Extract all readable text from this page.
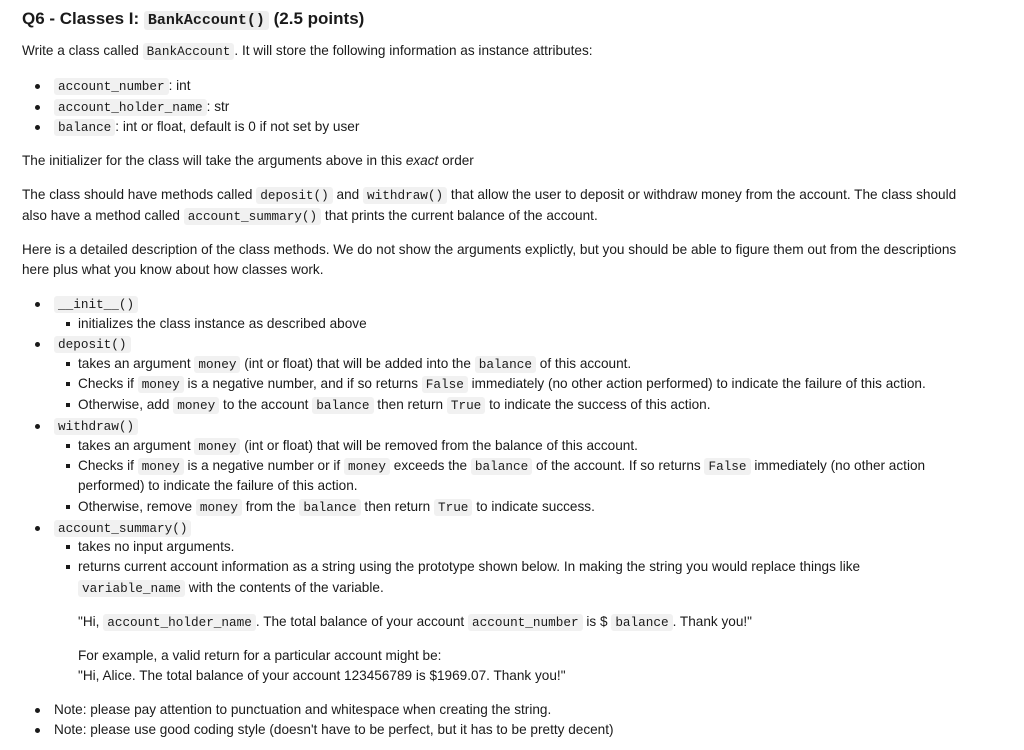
Q6 - Classes I: BankAccount() (2.5 points)
Write a class called BankAccount . It will store the following information as instance attributes:
account_number : int
account_holder_name : str
balance : int or float, default is 0 if not set by user
The initializer for the class will take the arguments above in this exact order
The class should have methods called deposit() and withdraw() that allow the user to deposit or withdraw money from the account. The class should
also have a method called account_summary() that prints the current balance of the account.
Here is a detailed description of the class methods. We do not show the arguments explictly, but you should be able to figure them out from the descriptions
here plus what you know about how classes work.
__init__()
initializes the class instance as described above
deposit()
takes an argument money (int or float) that will be added into the balance of this account.
Checks if money is a negative number, and if so returns False immediately (no other action performed) to indicate the failure of this action.
Otherwise, add money to the account balance then return True to indicate the success of this action.
withdraw()
takes an argument money (int or float) that will be removed from the balance of this account.
Checks if money is a negative number or if money exceeds the balance of the account. If so returns False immediately (no other action
performed) to indicate the failure of this action.
Otherwise, remove money from the balance then return True to indicate success.
account_summary()
takes no input arguments.
returns current account information as a string using the prototype shown below. In making the string you would replace things like
variable_name with the contents of the variable.
"Hi, account_holder_name . The total balance of your account account_number is $ balance . Thank you!"
For example, a valid return for a particular account might be:
"Hi, Alice. The total balance of your account 123456789 is $1969.07. Thank you!"
Note: please pay attention to punctuation and whitespace when creating the string.
Note: please use good coding style (doesn't have to be perfect, but it has to be pretty decent)
